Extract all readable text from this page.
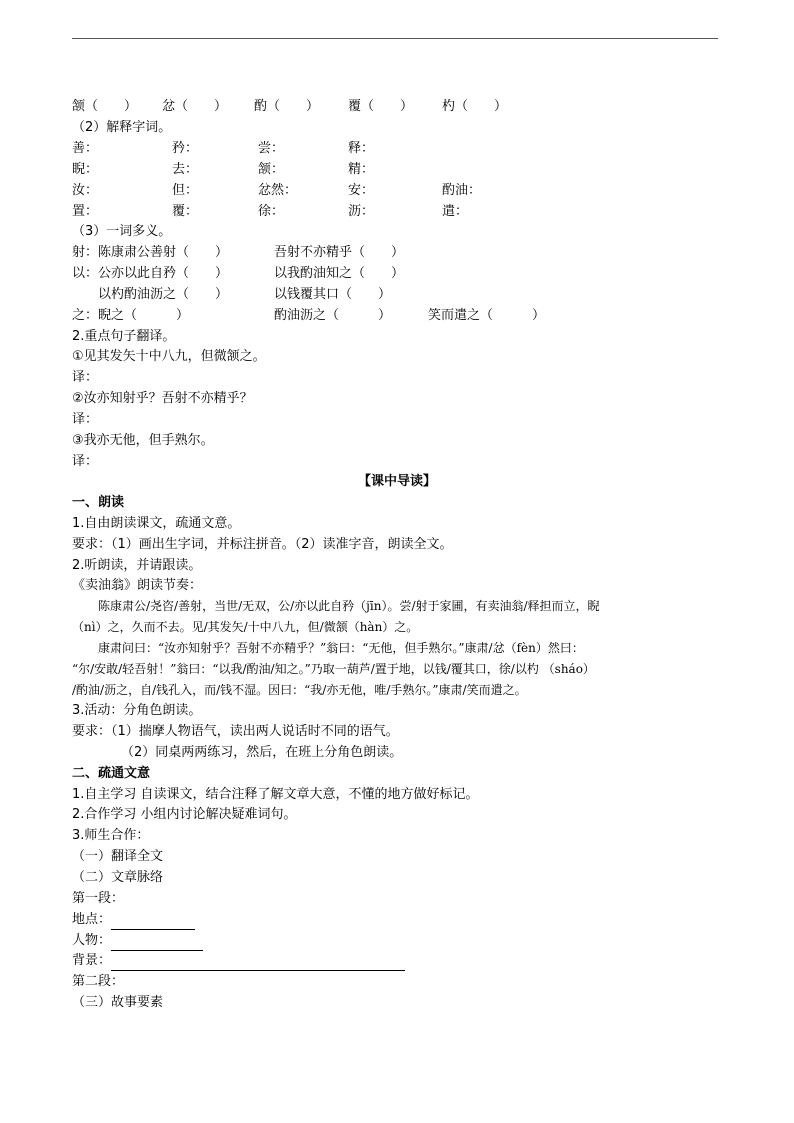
颔（　　） 忿（　　） 酌（　　） 覆（　　） 杓（　　）
（2）解释字词。
善：	矜：	尝：	释：
睨：	去：	颔：	精：
汝：	但：	忿然：	安：	酌油：
置：	覆：	徐：	沥：	遣：
（3）一词多义。
射：陈康肃公善射（　　）	吾射不亦精乎（　　）
以：公亦以此自矜（　　）	以我酌油知之（　　）
以杓酌油沥之（　　）	以钱覆其口（　　）
之：睨之（　　　）	酌油沥之（　　　）	笑而遣之（　　　）
2.重点句子翻译。
①见其发矢十中八九，但微颔之。
译：
②汝亦知射乎？吾射不亦精乎？
译：
③我亦无他，但手熟尔。
译：
【课中导读】
一、朗读
1.自由朗读课文，疏通文意。
要求：（1）画出生字词，并标注拼音。（2）读准字音，朗读全文。
2.听朗读，并请跟读。
《卖油翁》朗读节奏：
陈康肃公/尧咨/善射，当世/无双，公/亦以此自矜（jīn）。尝/射于家圃，有卖油翁/释担而立，睨
（nì）之，久而不去。见/其发矢/十中八九，但/微颔（hàn）之。
康肃问曰：“汝亦知射乎？吾射不亦精乎？”翁曰：“无他，但手熟尔。”康肃/忿（fèn）然曰：
“尔/安敢/轻吾射！”翁曰：“以我/酌油/知之。”乃取一葫芦/置于地，以钱/覆其口，徐/以杓 （sháo）
/酌油/沥之，自/钱孔入，而/钱不湿。因曰：“我/亦无他，唯/手熟尔。”康肃/笑而遣之。
3.活动：分角色朗读。
要求：（1）揣摩人物语气，读出两人说话时不同的语气。
（2）同桌两两练习，然后，在班上分角色朗读。
二、疏通文意
1.自主学习 自读课文，结合注释了解文章大意，不懂的地方做好标记。
2.合作学习 小组内讨论解决疑难词句。
3.师生合作：
（一）翻译全文
（二）文章脉络
第一段：
地点：
人物：
背景：
第二段：
（三）故事要素
